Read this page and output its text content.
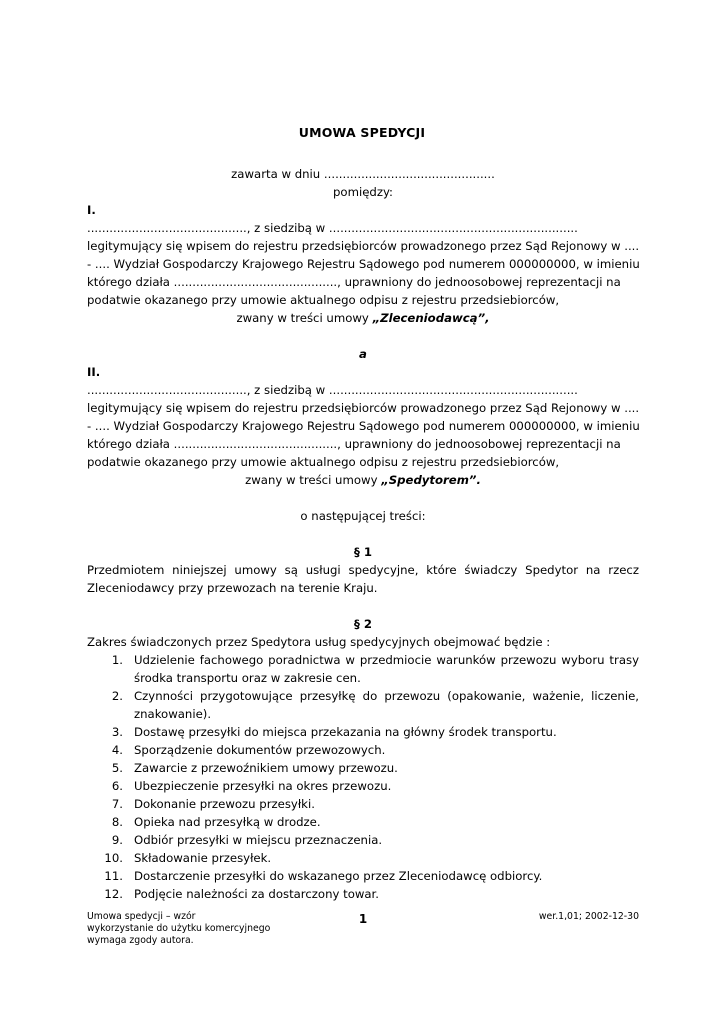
UMOWA SPEDYCJI
zawarta w dniu ..............................................
pomiędzy:
I.
..........................................., z siedzibą w ...................................................................
legitymujący się wpisem do rejestru przedsiębiorców prowadzonego przez Sąd Rejonowy w ....
- .... Wydział Gospodarczy Krajowego Rejestru Sądowego pod numerem 000000000, w imieniu
którego działa ............................................, uprawniony do jednoosobowej reprezentacji na
podatwie okazanego przy umowie aktualnego odpisu z rejestru przedsiebiorców,
zwany w treści umowy „Zleceniodawcą”,
a
II.
..........................................., z siedzibą w ...................................................................
legitymujący się wpisem do rejestru przedsiębiorców prowadzonego przez Sąd Rejonowy w ....
- .... Wydział Gospodarczy Krajowego Rejestru Sądowego pod numerem 000000000, w imieniu
którego działa ............................................, uprawniony do jednoosobowej reprezentacji na
podatwie okazanego przy umowie aktualnego odpisu z rejestru przedsiebiorców,
zwany w treści umowy „Spedytorem”.
o następującej treści:
§ 1
Przedmiotem niniejszej umowy są usługi spedycyjne, które świadczy Spedytor na rzecz Zleceniodawcy przy przewozach na terenie Kraju.
§ 2
Zakres świadczonych przez Spedytora usług spedycyjnych obejmować będzie :
1. Udzielenie fachowego poradnictwa w przedmiocie warunków przewozu wyboru trasy środka transportu oraz w zakresie cen.
2. Czynności przygotowujące przesyłkę do przewozu (opakowanie, ważenie, liczenie, znakowanie).
3. Dostawę przesyłki do miejsca przekazania na główny środek transportu.
4. Sporządzenie dokumentów przewozowych.
5. Zawarcie z przewoźnikiem umowy przewozu.
6. Ubezpieczenie przesyłki na okres przewozu.
7. Dokonanie przewozu przesyłki.
8. Opieka nad przesyłką w drodze.
9. Odbiór przesyłki w miejscu przeznaczenia.
10. Składowanie przesyłek.
11. Dostarczenie przesyłki do wskazanego przez Zleceniodawcę odbiorcy.
12. Podjęcie należności za dostarczony towar.
Umowa spedycji – wzór
wykorzystanie do użytku komercyjnego
wymaga zgody autora.
1	wer.1,01; 2002-12-30
